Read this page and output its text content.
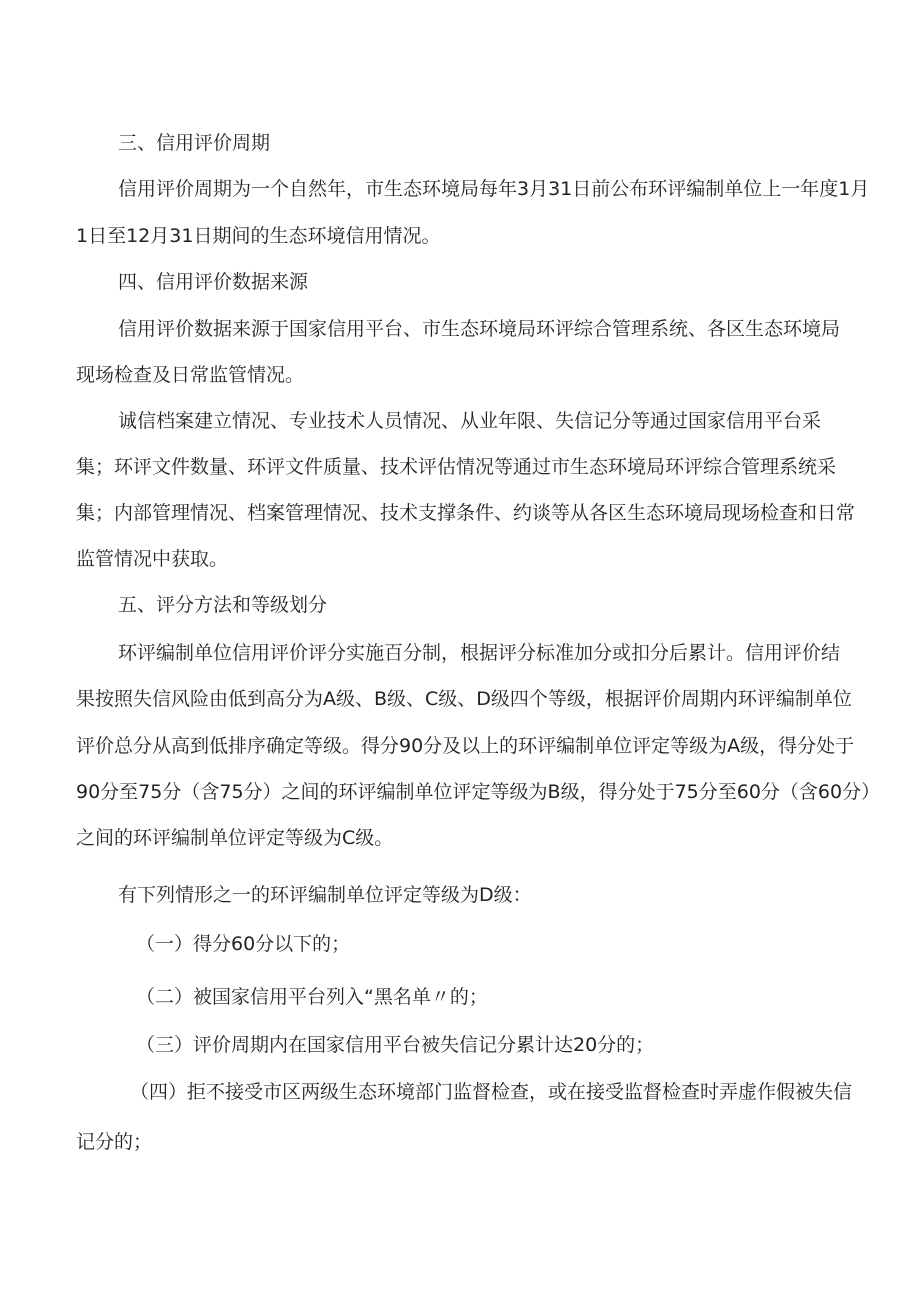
三、信用评价周期

信用评价周期为一个自然年，市生态环境局每年3月31日前公布环评编制单位上一年度1月

1日至12月31日期间的生态环境信用情况。

四、信用评价数据来源

信用评价数据来源于国家信用平台、市生态环境局环评综合管理系统、各区生态环境局

现场检查及日常监管情况。

诚信档案建立情况、专业技术人员情况、从业年限、失信记分等通过国家信用平台采

集；环评文件数量、环评文件质量、技术评估情况等通过市生态环境局环评综合管理系统采

集；内部管理情况、档案管理情况、技术支撑条件、约谈等从各区生态环境局现场检查和日常

监管情况中获取。

五、评分方法和等级划分

环评编制单位信用评价评分实施百分制，根据评分标准加分或扣分后累计。信用评价结

果按照失信风险由低到高分为A级、B级、C级、D级四个等级，根据评价周期内环评编制单位

评价总分从高到低排序确定等级。得分90分及以上的环评编制单位评定等级为A级，得分处于

90分至75分（含75分）之间的环评编制单位评定等级为B级，得分处于75分至60分（含60分）

之间的环评编制单位评定等级为C级。

有下列情形之一的环评编制单位评定等级为D级：

（一）得分60分以下的；

（二）被国家信用平台列入“黑名单〃的；

（三）评价周期内在国家信用平台被失信记分累计达20分的；

（四）拒不接受市区两级生态环境部门监督检查，或在接受监督检查时弄虚作假被失信

记分的；
